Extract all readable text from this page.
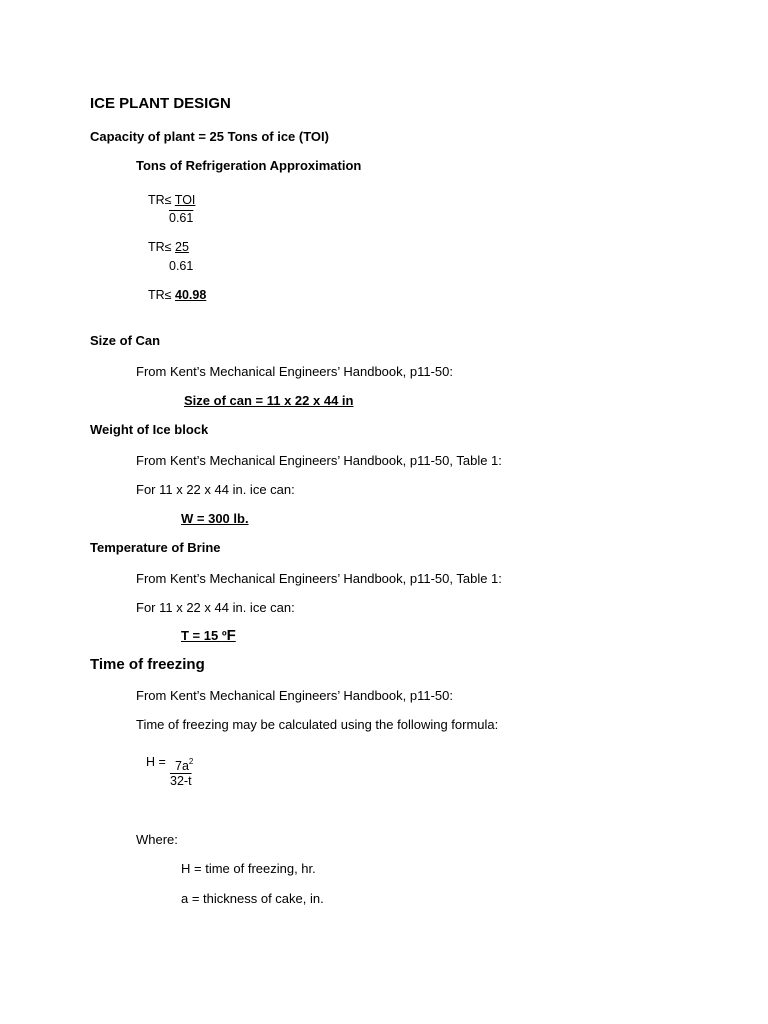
ICE PLANT DESIGN
Capacity of plant = 25 Tons of ice (TOI)
Tons of Refrigeration Approximation
TR≤ TOI
0.61
TR≤ 25
0.61
TR≤ 40.98
Size of Can
From Kent’s Mechanical Engineers’ Handbook, p11-50:
Size of can = 11 x 22 x 44 in
Weight of Ice block
From Kent’s Mechanical Engineers’ Handbook, p11-50, Table 1:
For 11 x 22 x 44 in. ice can:
W = 300 lb.
Temperature of Brine
From Kent’s Mechanical Engineers’ Handbook, p11-50, Table 1:
For 11 x 22 x 44 in. ice can:
T = 15 ºF
Time of freezing
From Kent’s Mechanical Engineers’ Handbook, p11-50:
Time of freezing may be calculated using the following formula:
$H = 7a^2$
32-t
Where:
H = time of freezing, hr.
a = thickness of cake, in.
